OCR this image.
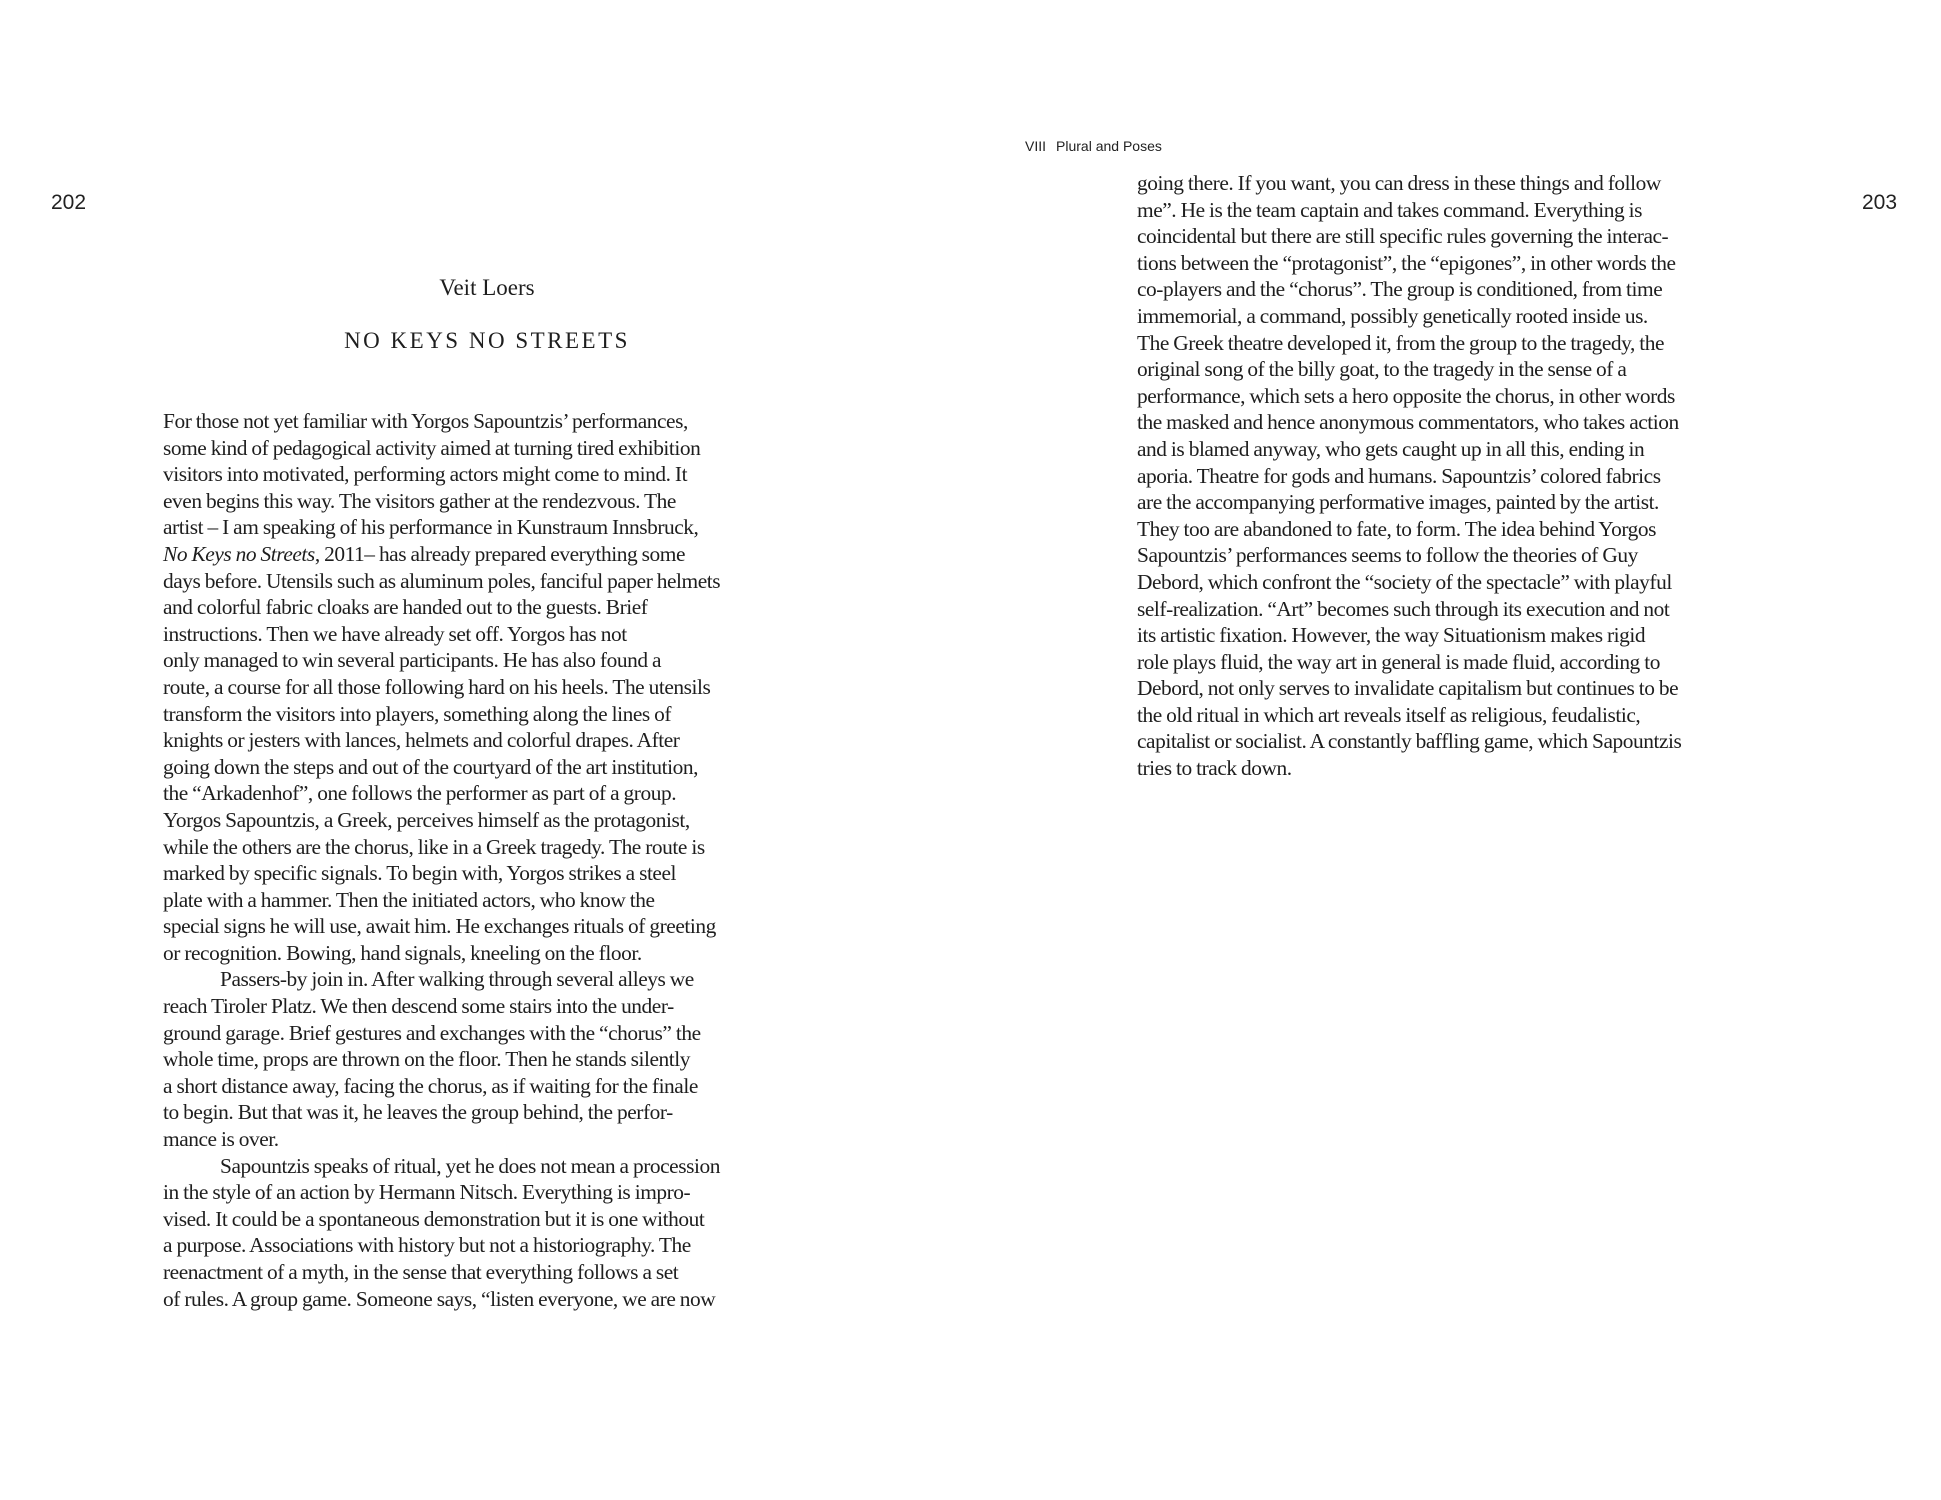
202	203
VIII Plural and Poses
Veit Loers
NO KEYS NO STREETS
For those not yet familiar with Yorgos Sapountzis’ performances,
some kind of pedagogical activity aimed at turning tired exhibition
visitors into motivated, performing actors might come to mind. It
even begins this way. The visitors gather at the rendezvous. The
artist – I am speaking of his performance in Kunstraum Innsbruck,
No Keys no Streets, 2011– has already prepared everything some
days before. Utensils such as aluminum poles, fanciful paper helmets
and colorful fabric cloaks are handed out to the guests. Brief
instructions. Then we have already set off. Yorgos has not
only managed to win several participants. He has also found a
route, a course for all those following hard on his heels. The utensils
transform the visitors into players, something along the lines of
knights or jesters with lances, helmets and colorful drapes. After
going down the steps and out of the courtyard of the art institution,
the “Arkadenhof”, one follows the performer as part of a group.
Yorgos Sapountzis, a Greek, perceives himself as the protagonist,
while the others are the chorus, like in a Greek tragedy. The route is
marked by specific signals. To begin with, Yorgos strikes a steel
plate with a hammer. Then the initiated actors, who know the
special signs he will use, await him. He exchanges rituals of greeting
or recognition. Bowing, hand signals, kneeling on the floor.
Passers-by join in. After walking through several alleys we
reach Tiroler Platz. We then descend some stairs into the under-
ground garage. Brief gestures and exchanges with the “chorus” the
whole time, props are thrown on the floor. Then he stands silently
a short distance away, facing the chorus, as if waiting for the finale
to begin. But that was it, he leaves the group behind, the perfor-
mance is over.
Sapountzis speaks of ritual, yet he does not mean a procession
in the style of an action by Hermann Nitsch. Everything is impro-
vised. It could be a spontaneous demonstration but it is one without
a purpose. Associations with history but not a historiography. The
reenactment of a myth, in the sense that everything follows a set
of rules. A group game. Someone says, “listen everyone, we are now
going there. If you want, you can dress in these things and follow
me”. He is the team captain and takes command. Everything is
coincidental but there are still specific rules governing the interac-
tions between the “protagonist”, the “epigones”, in other words the
co-players and the “chorus”. The group is conditioned, from time
immemorial, a command, possibly genetically rooted inside us.
The Greek theatre developed it, from the group to the tragedy, the
original song of the billy goat, to the tragedy in the sense of a
performance, which sets a hero opposite the chorus, in other words
the masked and hence anonymous commentators, who takes action
and is blamed anyway, who gets caught up in all this, ending in
aporia. Theatre for gods and humans. Sapountzis’ colored fabrics
are the accompanying performative images, painted by the artist.
They too are abandoned to fate, to form. The idea behind Yorgos
Sapountzis’ performances seems to follow the theories of Guy
Debord, which confront the “society of the spectacle” with playful
self-realization. “Art” becomes such through its execution and not
its artistic fixation. However, the way Situationism makes rigid
role plays fluid, the way art in general is made fluid, according to
Debord, not only serves to invalidate capitalism but continues to be
the old ritual in which art reveals itself as religious, feudalistic,
capitalist or socialist. A constantly baffling game, which Sapountzis
tries to track down.
